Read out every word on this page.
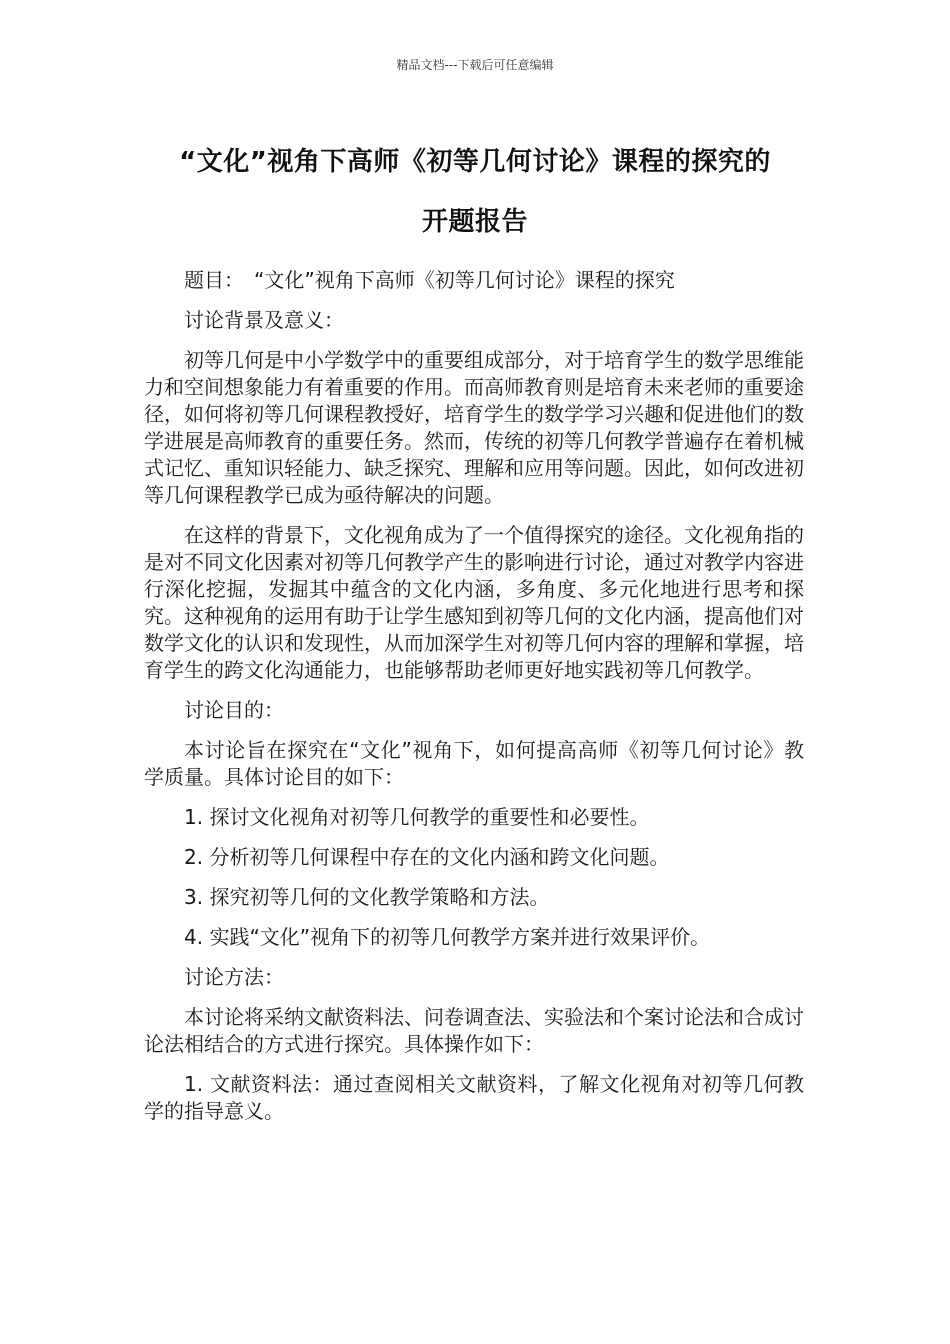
精品文档---下载后可任意编辑
“文化”视角下高师《初等几何讨论》课程的探究的
开题报告

题目：　“文化”视角下高师《初等几何讨论》课程的探究

讨论背景及意义：

初等几何是中小学数学中的重要组成部分，对于培育学生的数学思维能力和空间想象能力有着重要的作用。而高师教育则是培育未来老师的重要途径，如何将初等几何课程教授好，培育学生的数学学习兴趣和促进他们的数学进展是高师教育的重要任务。然而，传统的初等几何教学普遍存在着机械式记忆、重知识轻能力、缺乏探究、理解和应用等问题。因此，如何改进初等几何课程教学已成为亟待解决的问题。

在这样的背景下，文化视角成为了一个值得探究的途径。文化视角指的是对不同文化因素对初等几何教学产生的影响进行讨论，通过对教学内容进行深化挖掘，发掘其中蕴含的文化内涵，多角度、多元化地进行思考和探究。这种视角的运用有助于让学生感知到初等几何的文化内涵，提高他们对数学文化的认识和发现性，从而加深学生对初等几何内容的理解和掌握，培育学生的跨文化沟通能力，也能够帮助老师更好地实践初等几何教学。

讨论目的：

本讨论旨在探究在“文化”视角下，如何提高高师《初等几何讨论》教学质量。具体讨论目的如下：

1. 探讨文化视角对初等几何教学的重要性和必要性。

2. 分析初等几何课程中存在的文化内涵和跨文化问题。

3. 探究初等几何的文化教学策略和方法。

4. 实践“文化”视角下的初等几何教学方案并进行效果评价。

讨论方法：

本讨论将采纳文献资料法、问卷调查法、实验法和个案讨论法和合成讨论法相结合的方式进行探究。具体操作如下：

1. 文献资料法：通过查阅相关文献资料，了解文化视角对初等几何教学的指导意义。
